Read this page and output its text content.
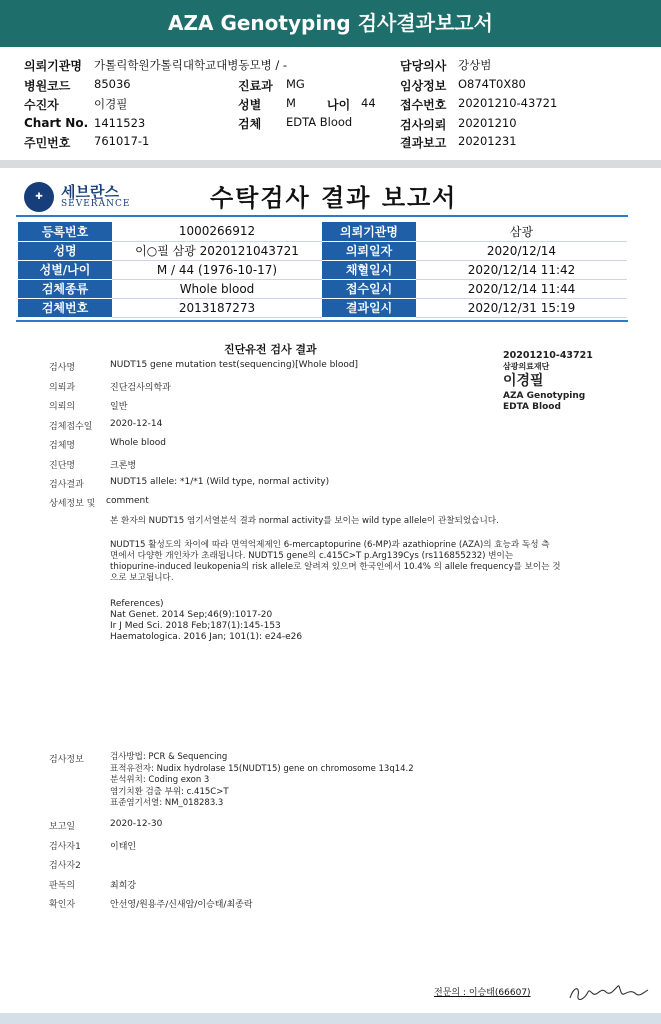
AZA Genotyping 검사결과보고서
의뢰기관명 가톨릭학원가톨릭대학교대병동모병 / -
병원코드 85036
수진자	이경필
Chart No. 1411523
주민번호 761017-1
진료과 MG
성별 M	나이 44
검체 EDTA Blood
담당의사 강상범
임상정보 O874T0X80
접수번호 20201210-43721
검사의뢰 20201210
결과보고 20201231
✚	세브란스
SEVERANCE	수탁검사 결과 보고서
등록번호	1000266912	의뢰기관명	삼광
성명	이○필 삼광 2020121043721	의뢰일자	2020/12/14
성별/나이	M / 44 (1976-10-17)	채혈일시	2020/12/14 11:42
검체종류	Whole blood	접수일시	2020/12/14 11:44
검체번호	2013187273	결과일시	2020/12/31 15:19
진단유전 검사 결과
검사명	NUDT15 gene mutation test(sequencing)[Whole blood]
의뢰과	진단검사의학과
의뢰의	일반
검체접수일 2020-12-14
검체명	Whole blood
진단명	크론병
검사결과	NUDT15 allele: *1/*1 (Wild type, normal activity)
상세정보 및 comment
본 환자의 NUDT15 염기서열분석 결과 normal activity를 보이는 wild type allele이 관찰되었습니다.
NUDT15 활성도의 차이에 따라 면역억제제인 6-mercaptopurine (6-MP)과 azathioprine (AZA)의 효능과 독성 측
면에서 다양한 개인차가 초래됩니다. NUDT15 gene의 c.415C>T p.Arg139Cys (rs116855232) 변이는
thiopurine-induced leukopenia의 risk allele로 알려져 있으며 한국인에서 10.4% 의 allele frequency를 보이는 것
으로 보고됩니다.
References)
Nat Genet. 2014 Sep;46(9):1017-20
Ir J Med Sci. 2018 Feb;187(1):145-153
Haematologica. 2016 Jan; 101(1): e24-e26
20201210-43721
삼광의료재단
이경필
AZA Genotyping
EDTA Blood
검사정보	검사방법: PCR & Sequencing
표적유전자: Nudix hydrolase 15(NUDT15) gene on chromosome 13q14.2
분석위치: Coding exon 3
염기치환 검출 부위: c.415C>T
표준염기서열: NM_018283.3
보고일	2020-12-30
검사자1	이태인
검사자2
판독의	최희강
확인자	안선영/원용주/신새암/이승태/최종락
전문의 : 이승태(66607)
